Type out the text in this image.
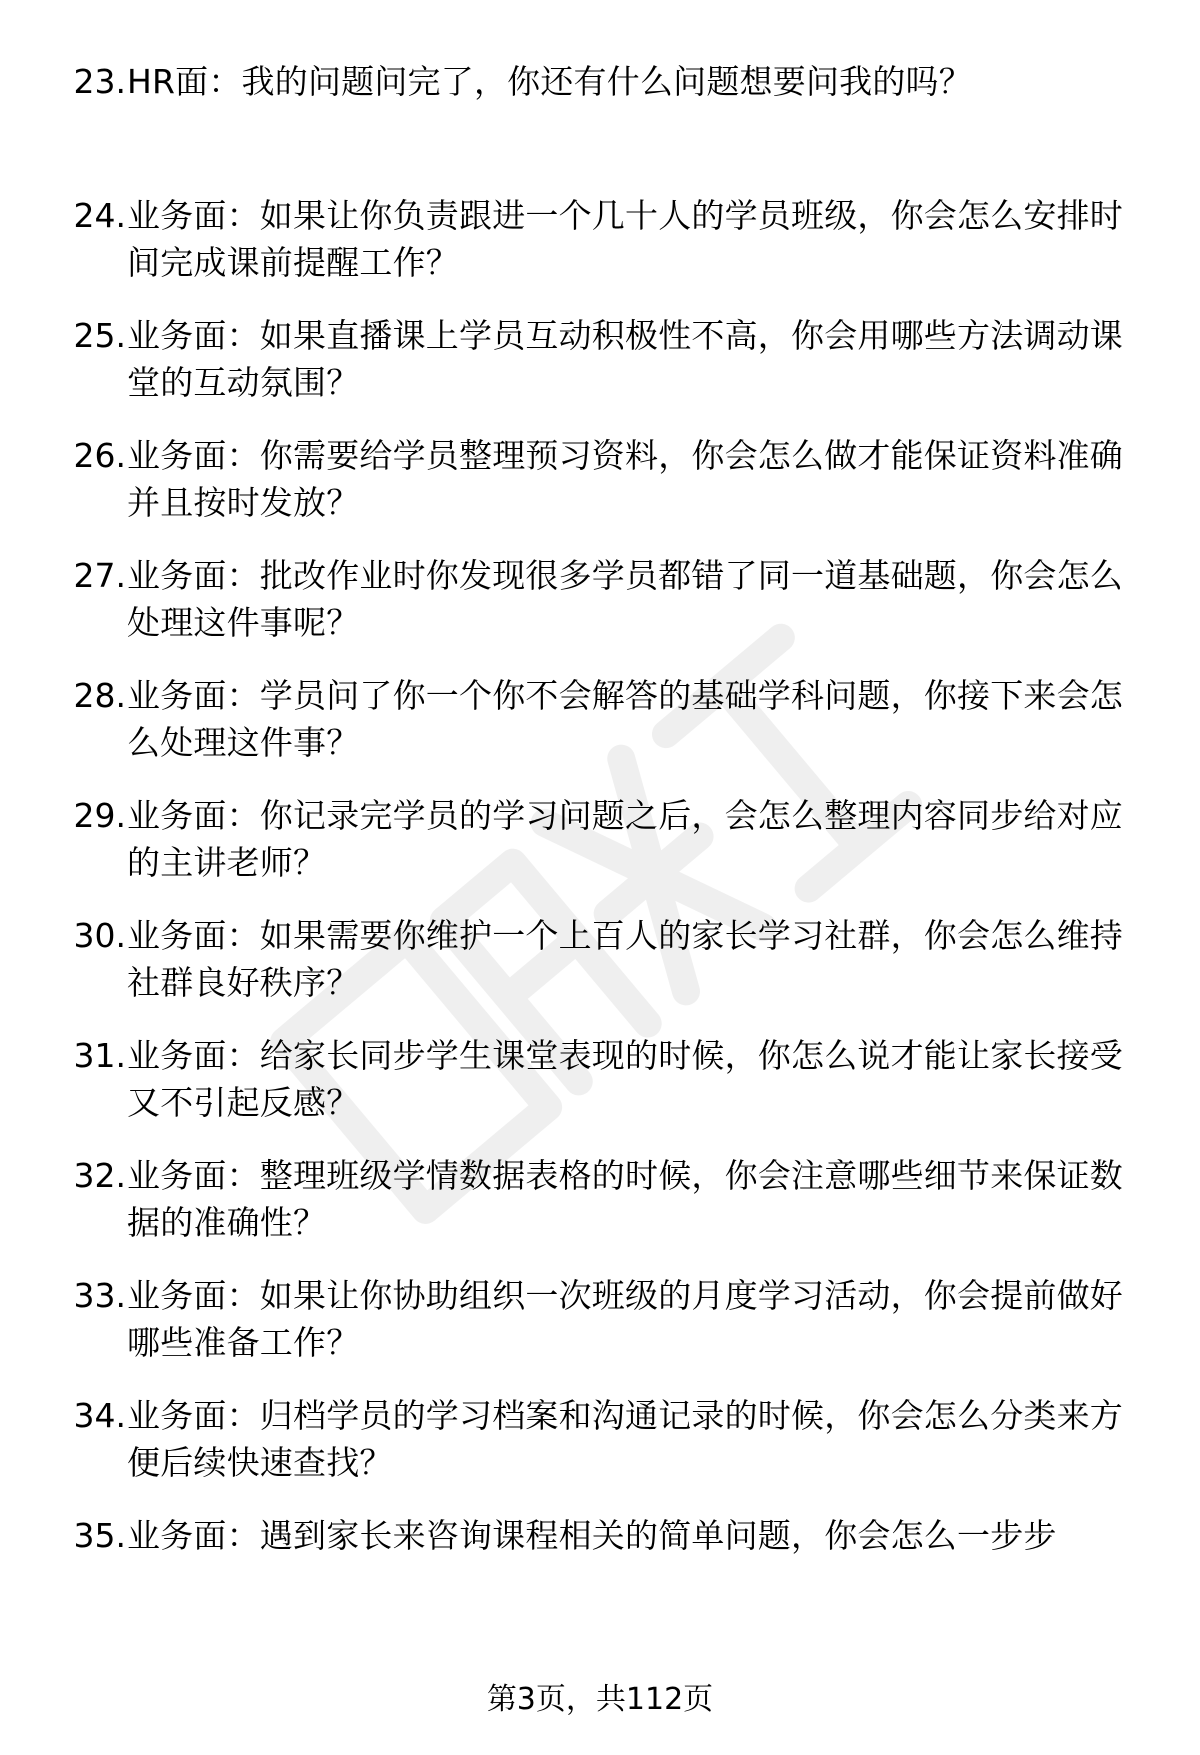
23. HR面：我的问题问完了，你还有什么问题想要问我的吗？
24. 业务面：如果让你负责跟进一个几十人的学员班级，你会怎么安排时间完成课前提醒工作？
25. 业务面：如果直播课上学员互动积极性不高，你会用哪些方法调动课堂的互动氛围？
26. 业务面：你需要给学员整理预习资料，你会怎么做才能保证资料准确并且按时发放？
27. 业务面：批改作业时你发现很多学员都错了同一道基础题，你会怎么处理这件事呢？
28. 业务面：学员问了你一个你不会解答的基础学科问题，你接下来会怎么处理这件事？
29. 业务面：你记录完学员的学习问题之后，会怎么整理内容同步给对应的主讲老师？
30. 业务面：如果需要你维护一个上百人的家长学习社群，你会怎么维持社群良好秩序？
31. 业务面：给家长同步学生课堂表现的时候，你怎么说才能让家长接受又不引起反感？
32. 业务面：整理班级学情数据表格的时候，你会注意哪些细节来保证数据的准确性？
33. 业务面：如果让你协助组织一次班级的月度学习活动，你会提前做好哪些准备工作？
34. 业务面：归档学员的学习档案和沟通记录的时候，你会怎么分类来方便后续快速查找？
35. 业务面：遇到家长来咨询课程相关的简单问题，你会怎么一步步
第3页，共112页
